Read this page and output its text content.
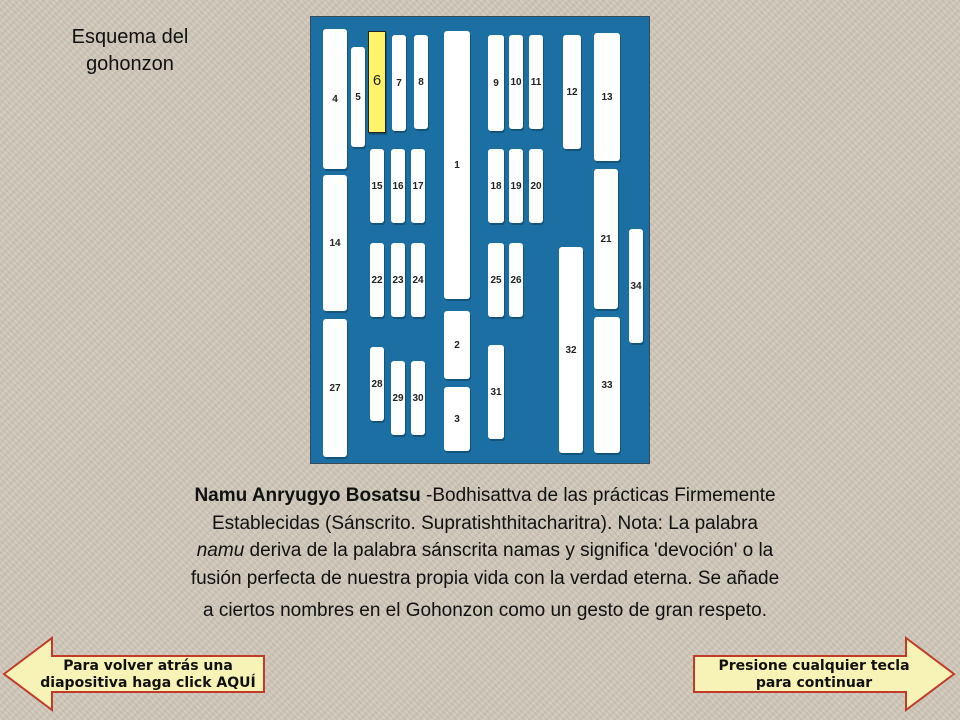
Esquema del
gohonzon
1
2
3
4	5
6	7	8	9	10 11
12	13
14
15 16 17	18 19 20
21
22 23 24	25 26
27	28
29 30
31
32
33
34
Namu Anryugyo Bosatsu -Bodhisattva de las prácticas Firmemente
Establecidas (Sánscrito. Supratishthitacharitra). Nota: La palabra
namu deriva de la palabra sánscrita namas y significa 'devoción' o la
fusión perfecta de nuestra propia vida con la verdad eterna. Se añade

a ciertos nombres en el Gohonzon como un gesto de gran respeto.
Para volver atrás una
diapositiva haga click AQUÍ
Presione cualquier tecla
para continuar
